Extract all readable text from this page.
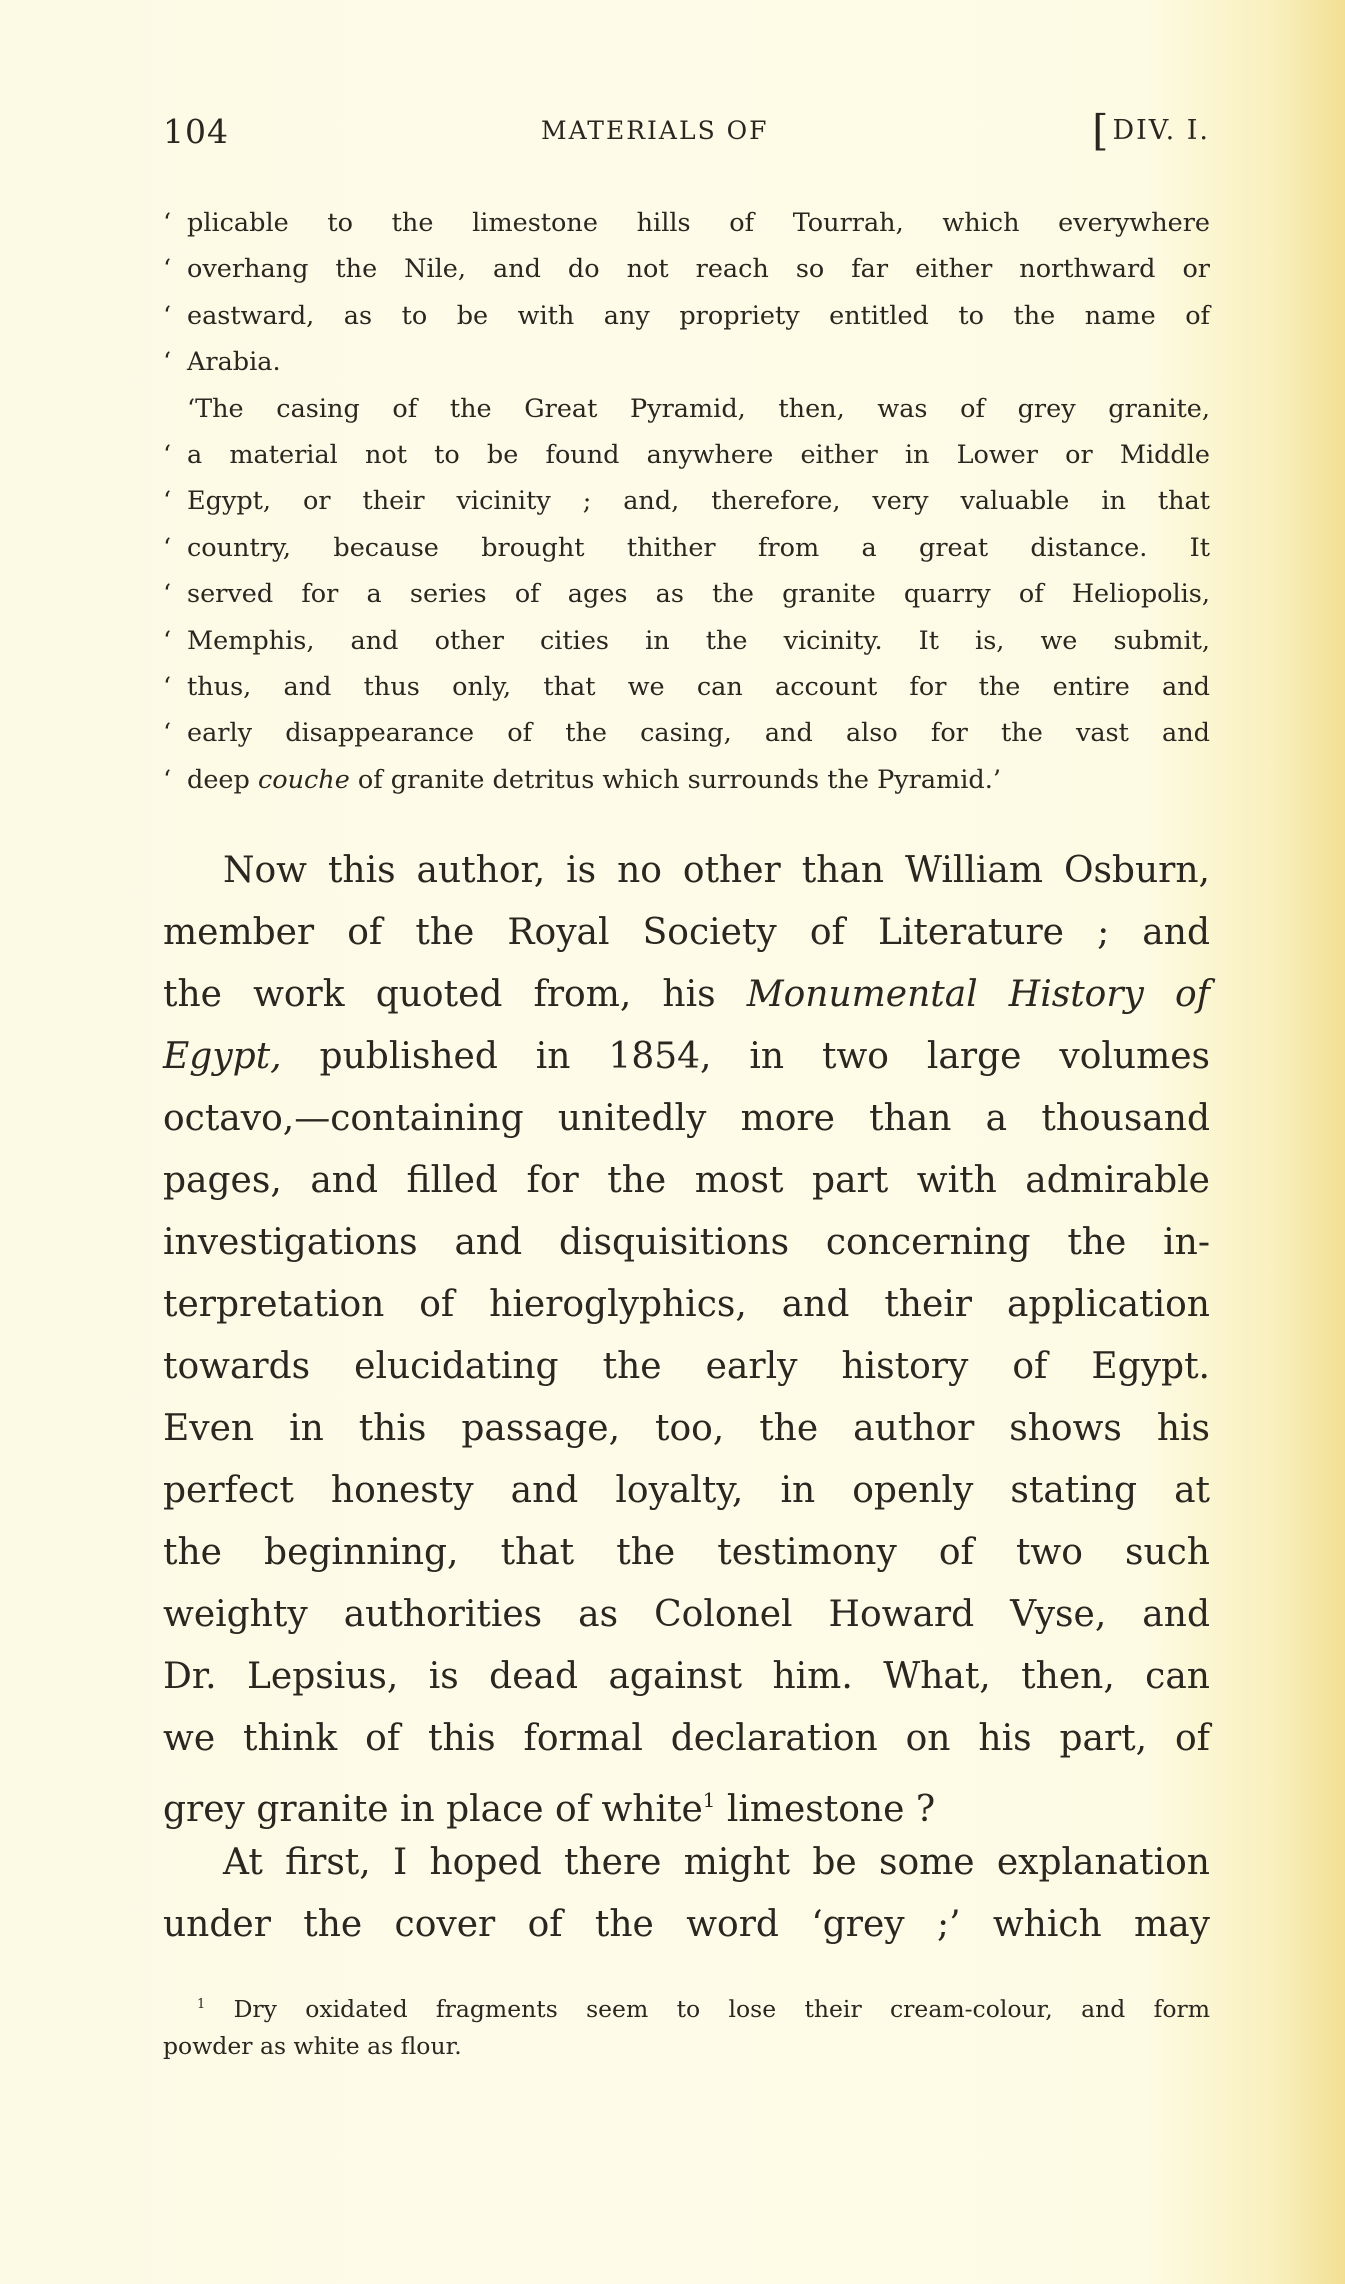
104	MATERIALS OF	[DIV. I.
‘ plicable to the limestone hills of Tourrah, which everywhere
‘ overhang the Nile, and do not reach so far either northward or
‘ eastward, as to be with any propriety entitled to the name of
‘ Arabia.
‘The casing of the Great Pyramid, then, was of grey granite,
‘ a material not to be found anywhere either in Lower or Middle
‘ Egypt, or their vicinity ; and, therefore, very valuable in that
‘ country, because brought thither from a great distance. It
‘ served for a series of ages as the granite quarry of Heliopolis,
‘ Memphis, and other cities in the vicinity. It is, we submit,
‘ thus, and thus only, that we can account for the entire and
‘ early disappearance of the casing, and also for the vast and
‘ deep couche of granite detritus which surrounds the Pyramid.’
Now this author, is no other than William Osburn,
member of the Royal Society of Literature ; and
the work quoted from, his Monumental History of
Egypt, published in 1854, in two large volumes
octavo,—containing unitedly more than a thousand
pages, and filled for the most part with admirable
investigations and disquisitions concerning the in-
terpretation of hieroglyphics, and their application
towards elucidating the early history of Egypt.
Even in this passage, too, the author shows his
perfect honesty and loyalty, in openly stating at
the beginning, that the testimony of two such
weighty authorities as Colonel Howard Vyse, and
Dr. Lepsius, is dead against him. What, then, can
we think of this formal declaration on his part, of
grey granite in place of white$^1$ limestone ?
At first, I hoped there might be some explanation
under the cover of the word ‘grey ;’ which may
$^1$ Dry oxidated fragments seem to lose their cream-colour, and form
powder as white as flour.
